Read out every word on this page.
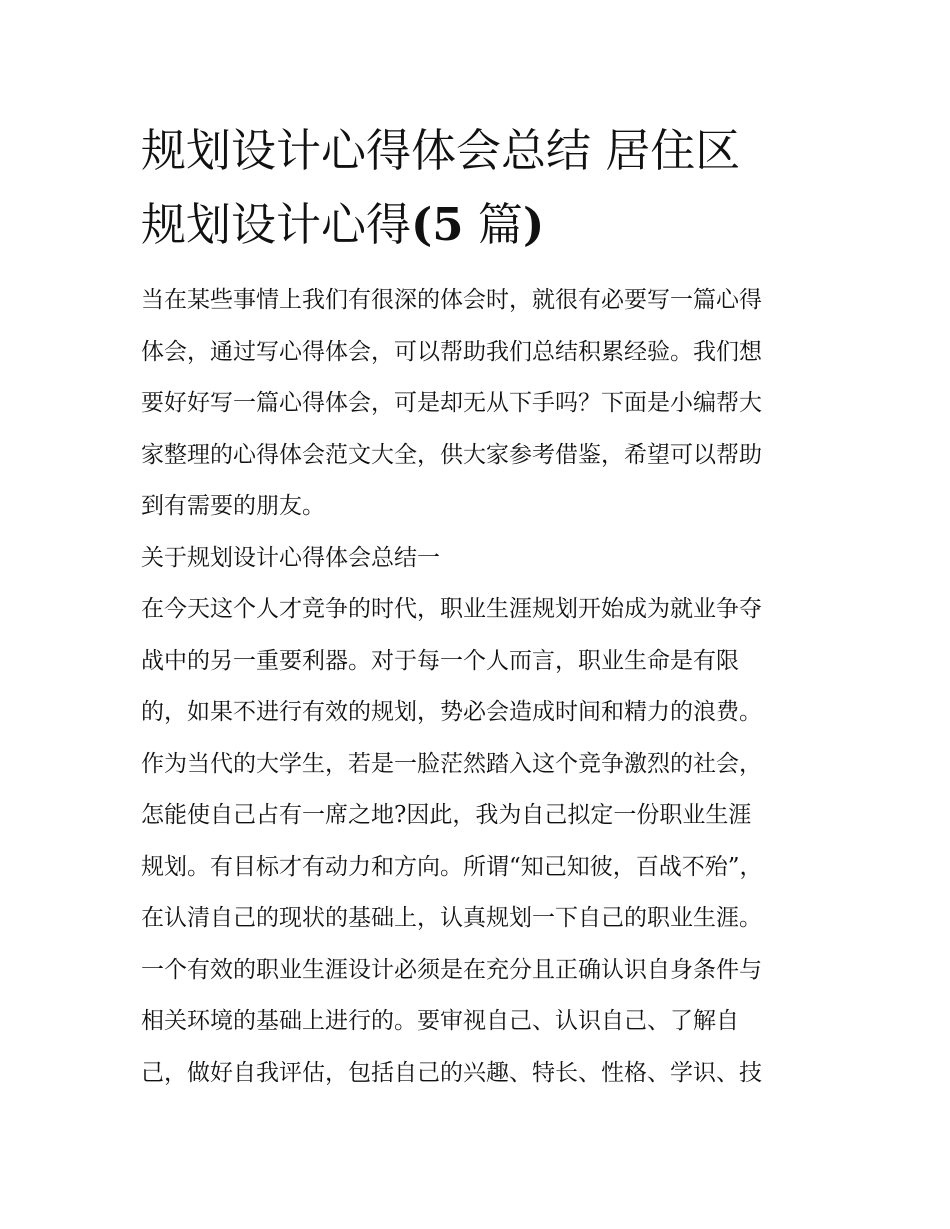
规划设计心得体会总结 居住区
规划设计心得(5 篇)
当在某些事情上我们有很深的体会时，就很有必要写一篇心得
体会，通过写心得体会，可以帮助我们总结积累经验。我们想
要好好写一篇心得体会，可是却无从下手吗？下面是小编帮大
家整理的心得体会范文大全，供大家参考借鉴，希望可以帮助
到有需要的朋友。
关于规划设计心得体会总结一
在今天这个人才竞争的时代，职业生涯规划开始成为就业争夺
战中的另一重要利器。对于每一个人而言，职业生命是有限
的，如果不进行有效的规划，势必会造成时间和精力的浪费。
作为当代的大学生，若是一脸茫然踏入这个竞争激烈的社会，
怎能使自己占有一席之地?因此，我为自己拟定一份职业生涯
规划。有目标才有动力和方向。所谓“知己知彼，百战不殆”，
在认清自己的现状的基础上，认真规划一下自己的职业生涯。
一个有效的职业生涯设计必须是在充分且正确认识自身条件与
相关环境的基础上进行的。要审视自己、认识自己、了解自
己，做好自我评估，包括自己的兴趣、特长、性格、学识、技
